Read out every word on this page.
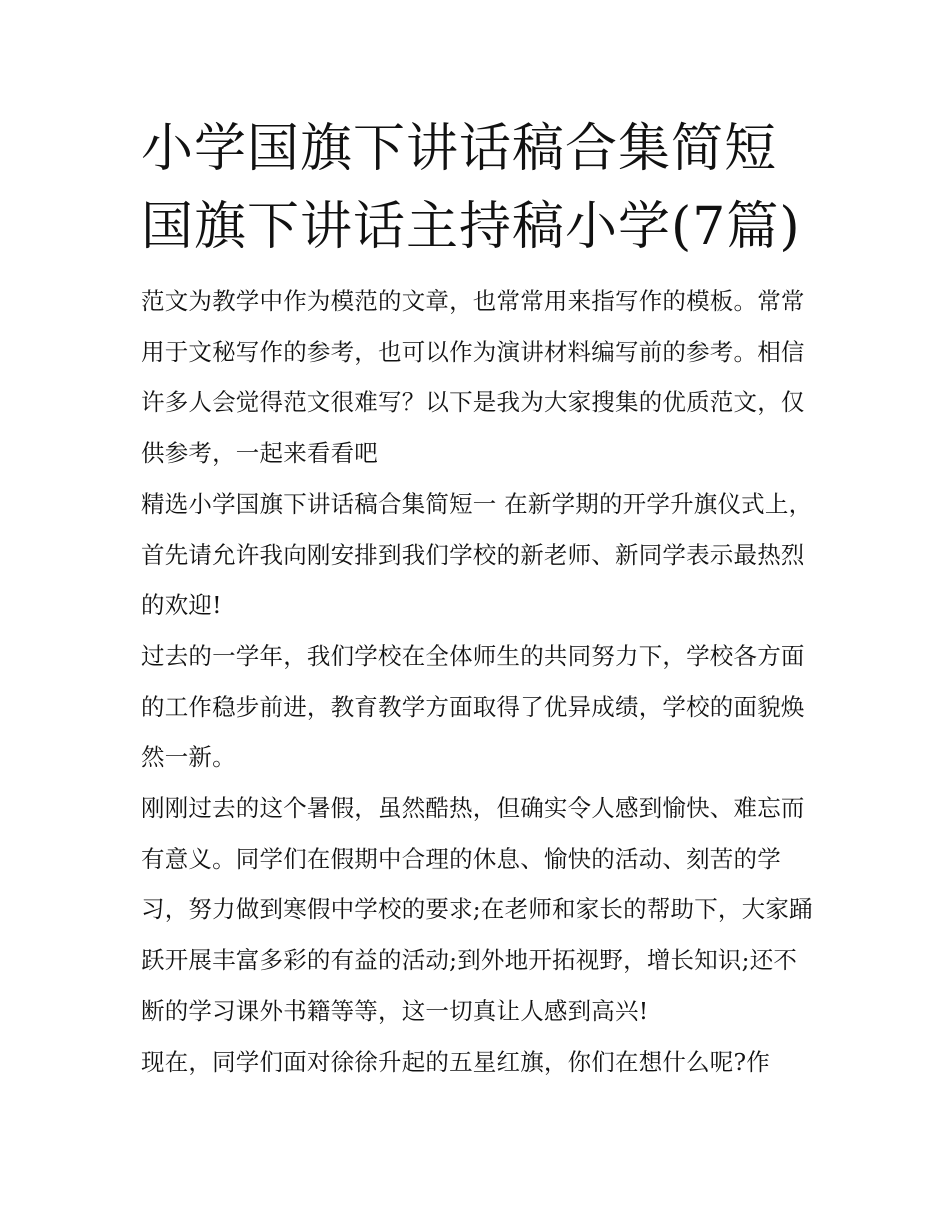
小学国旗下讲话稿合集简短 国旗下讲话主持稿小学(7篇)

范文为教学中作为模范的文章，也常常用来指写作的模板。常常用于文秘写作的参考，也可以作为演讲材料编写前的参考。相信许多人会觉得范文很难写？以下是我为大家搜集的优质范文，仅供参考，一起来看看吧

精选小学国旗下讲话稿合集简短一 在新学期的开学升旗仪式上，首先请允许我向刚安排到我们学校的新老师、新同学表示最热烈的欢迎!

过去的一学年，我们学校在全体师生的共同努力下，学校各方面的工作稳步前进，教育教学方面取得了优异成绩，学校的面貌焕然一新。

刚刚过去的这个暑假，虽然酷热，但确实令人感到愉快、难忘而有意义。同学们在假期中合理的休息、愉快的活动、刻苦的学习，努力做到寒假中学校的要求;在老师和家长的帮助下，大家踊跃开展丰富多彩的有益的活动;到外地开拓视野，增长知识;还不断的学习课外书籍等等，这一切真让人感到高兴!

现在，同学们面对徐徐升起的五星红旗，你们在想什么呢?作
